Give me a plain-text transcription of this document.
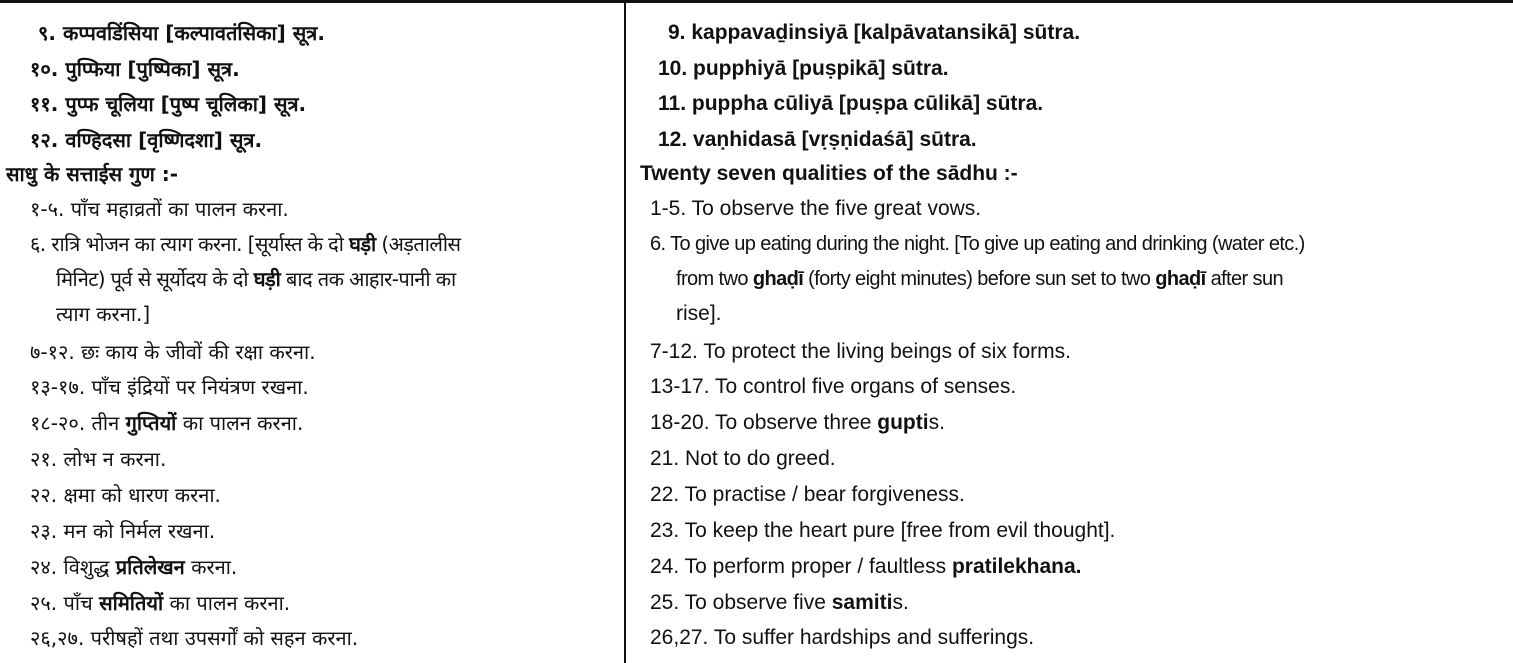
९. कप्पवडिंसिया [कल्पावतंसिका] सूत्र.
१०. पुप्फिया [पुष्पिका] सूत्र.
११. पुप्फ चूलिया [पुष्प चूलिका] सूत्र.
१२. वण्हिदसा [वृष्णिदशा] सूत्र.
साधु के सत्ताईस गुण :-
१-५. पाँच महाव्रतों का पालन करना.
६. रात्रि भोजन का त्याग करना. [सूर्यास्त के दो घड़ी (अड़तालीस
मिनिट) पूर्व से सूर्योदय के दो घड़ी बाद तक आहार-पानी का
त्याग करना.]
७-१२. छः काय के जीवों की रक्षा करना.
१३-१७. पाँच इंद्रियों पर नियंत्रण रखना.
१८-२०. तीन गुप्तियों का पालन करना.
२१. लोभ न करना.
२२. क्षमा को धारण करना.
२३. मन को निर्मल रखना.
२४. विशुद्ध प्रतिलेखन करना.
२५. पाँच समितियों का पालन करना.
२६,२७. परीषहों तथा उपसर्गों को सहन करना.
9. kappavaḏinsiyā [kalpāvatansikā] sūtra.
10. pupphiyā [puṣpikā] sūtra.
11. puppha cūliyā [puṣpa cūlikā] sūtra.
12. vaṇhidasā [vṛṣṇidaśā] sūtra.
Twenty seven qualities of the sādhu :-
1-5. To observe the five great vows.
6. To give up eating during the night. [To give up eating and drinking (water etc.)
from two ghaḍī (forty eight minutes) before sun set to two ghaḍī after sun
rise].
7-12. To protect the living beings of six forms.
13-17. To control five organs of senses.
18-20. To observe three guptis.
21. Not to do greed.
22. To practise / bear forgiveness.
23. To keep the heart pure [free from evil thought].
24. To perform proper / faultless pratilekhana.
25. To observe five samitis.
26,27. To suffer hardships and sufferings.
